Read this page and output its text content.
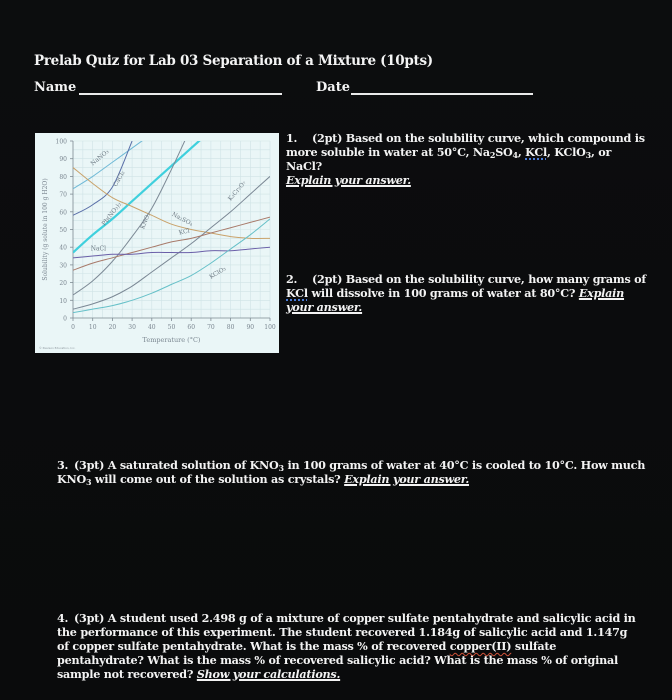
Prelab Quiz for Lab 03 Separation of a Mixture (10pts)
Name	Date
0
10
20
30
40
50
60
70
80
90
100
0 10 20 30 40 50 60 70 80 90 100
Temperature (°C)
Solubility (g solute in 100 g H2O)
© Pearson Education, Inc.
NaNO₃
CaCl₂
Pb(NO₃)₂	KNO₃	Na₂SO₄
K₂Cr₂O₇
KCl
NaCl
KClO₃
1. (2pt) Based on the solubility curve, which compound is more soluble in water at 50°C, $Na_2SO_4$, KCl, KClO$_3$, or NaCl?
Explain your answer.
2. (2pt) Based on the solubility curve, how many grams of KCl will dissolve in 100 grams of water at 80°C? Explain your answer.
3. (3pt) A saturated solution of $KNO_3$ in 100 grams of water at 40°C is cooled to 10°C. How much $KNO_3$ will come out of the solution as crystals? Explain your answer.
4. (3pt) A student used 2.498 g of a mixture of copper sulfate pentahydrate and salicylic acid in the performance of this experiment. The student recovered 1.184g of salicylic acid and 1.147g of copper sulfate pentahydrate. What is the mass % of recovered copper(II) sulfate pentahydrate? What is the mass % of recovered salicylic acid? What is the mass % of original sample not recovered? Show your calculations.
